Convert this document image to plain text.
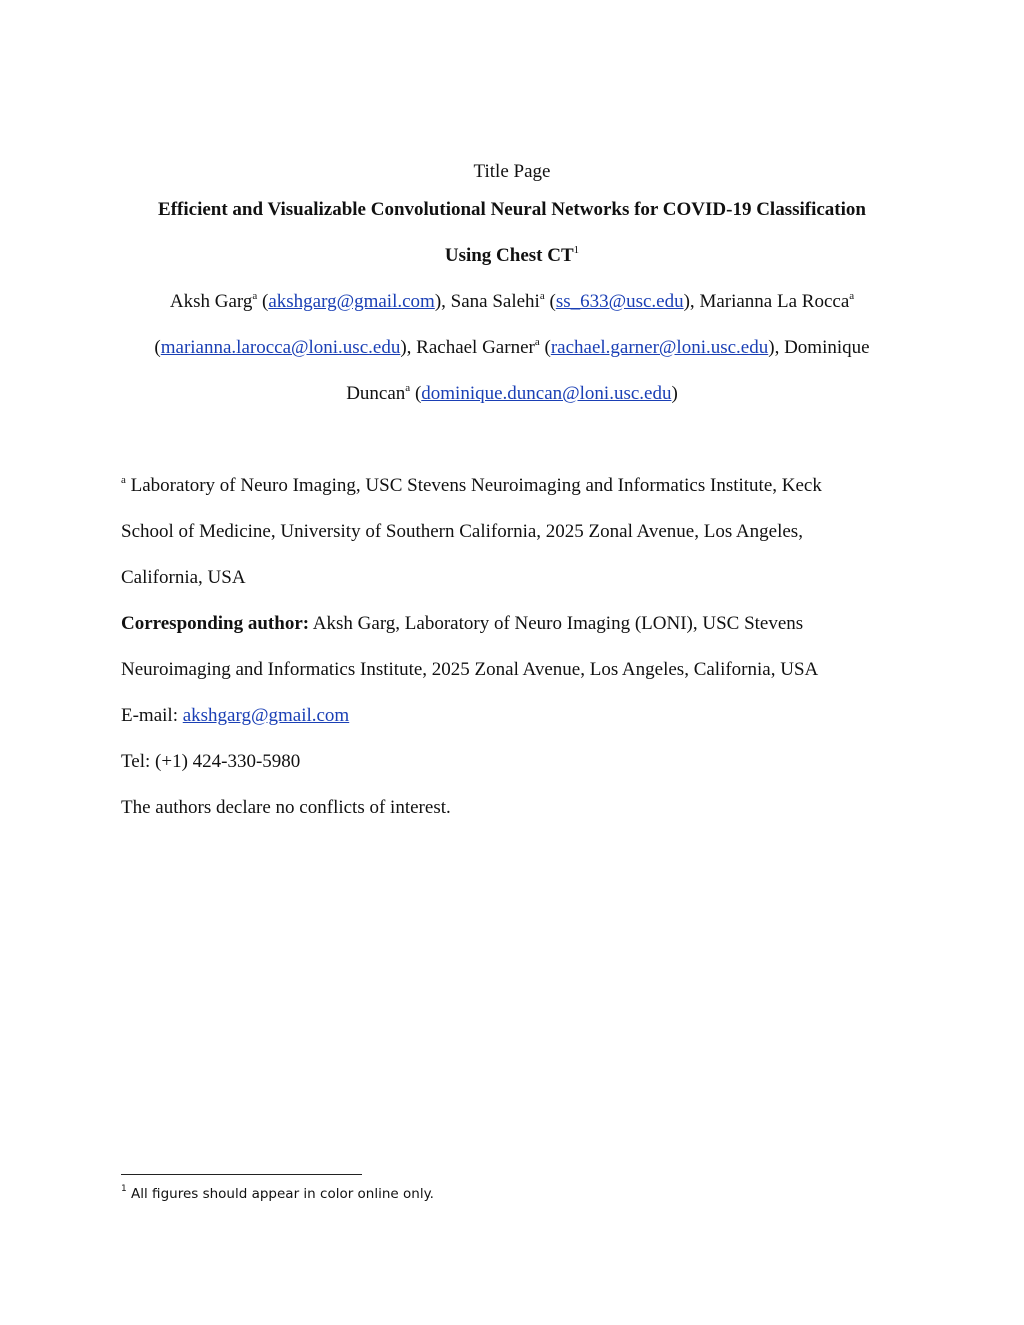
Title Page
Efficient and Visualizable Convolutional Neural Networks for COVID-19 Classification
Using Chest $CT^1$
Aksh Garg$^a$ (akshgarg@gmail.com), Sana Salehi$^a$ (ss_633@usc.edu), Marianna La Rocca$^a$
(marianna.larocca@loni.usc.edu), Rachael Garner$^a$ (rachael.garner@loni.usc.edu), Dominique
Duncan$^a$ (dominique.duncan@loni.usc.edu)
$^a$ Laboratory of Neuro Imaging, USC Stevens Neuroimaging and Informatics Institute, Keck
School of Medicine, University of Southern California, 2025 Zonal Avenue, Los Angeles,
California, USA
Corresponding author: Aksh Garg, Laboratory of Neuro Imaging (LONI), USC Stevens
Neuroimaging and Informatics Institute, 2025 Zonal Avenue, Los Angeles, California, USA
E-mail: akshgarg@gmail.com
Tel: (+1) 424-330-5980
The authors declare no conflicts of interest.
$^1$ All figures should appear in color online only.
